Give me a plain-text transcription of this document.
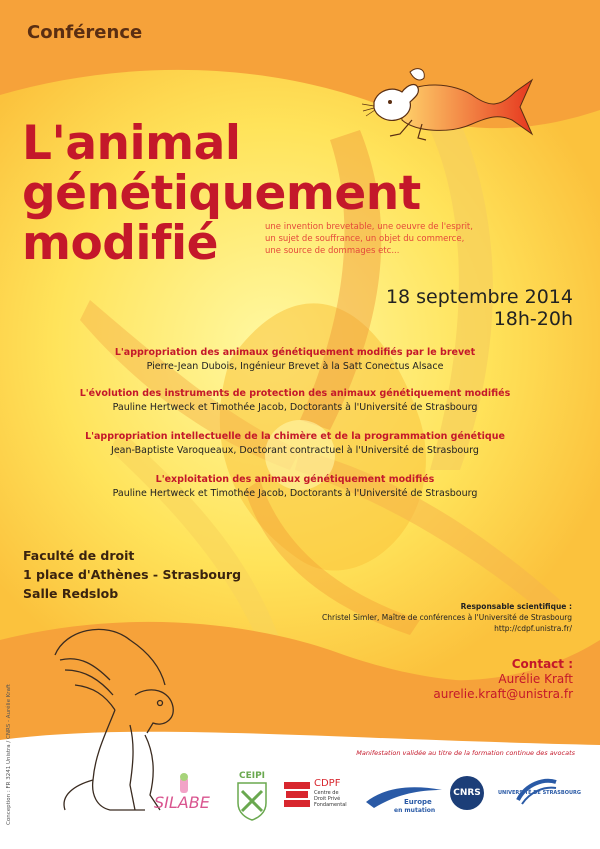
Conférence
L'animal
génétiquement
modifié	une invention brevetable, une oeuvre de l'esprit,
un sujet de souffrance, un objet du commerce,
une source de dommages etc...
18 septembre 2014
18h-20h
L'appropriation des animaux génétiquement modifiés par le brevet
Pierre-Jean Dubois, Ingénieur Brevet à la Satt Conectus Alsace
L'évolution des instruments de protection des animaux génétiquement modifiés
Pauline Hertweck et Timothée Jacob, Doctorants à l'Université de Strasbourg
L'appropriation intellectuelle de la chimère et de la programmation génétique
Jean-Baptiste Varoqueaux, Doctorant contractuel à l'Université de Strasbourg
L'exploitation des animaux génétiquement modifiés
Pauline Hertweck et Timothée Jacob, Doctorants à l'Université de Strasbourg
Faculté de droit
1 place d'Athènes - Strasbourg
Salle Redslob
Responsable scientifique :
Christel Simler, Maître de conférences à l'Université de Strasbourg
http://cdpf.unistra.fr/
Contact :
Aurélie Kraft
aurelie.kraft@unistra.fr
Manifestation validée au titre de la formation continue des avocats
Conception : FR 3241 Unistra / CNRS - Aurélie Kraft	SILABE
CEIPI
CDPF
Centre de
Droit Privé
Fondamental	Europe
en mutation
CNRS	UNIVERSITÉ DE STRASBOURG
